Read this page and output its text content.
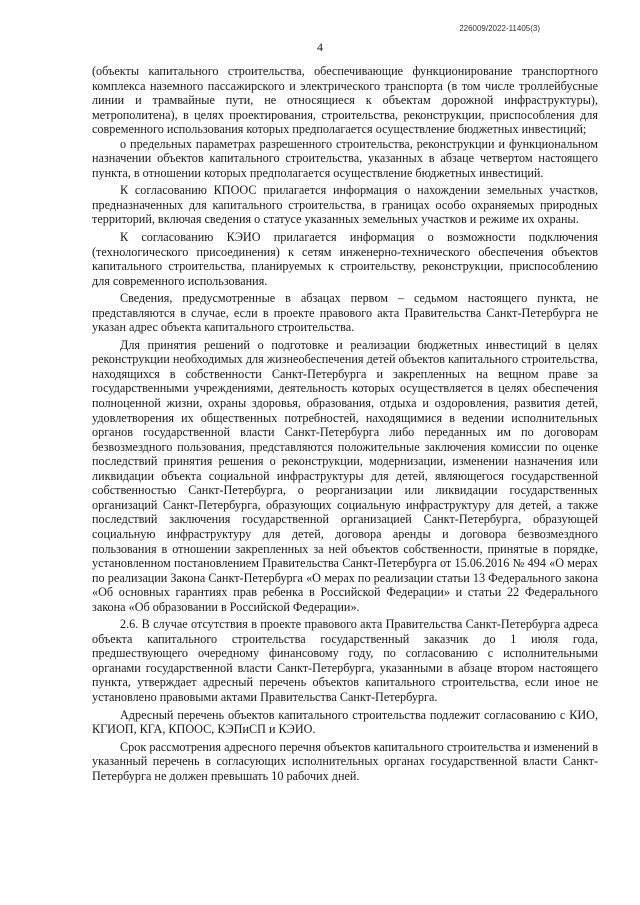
226009/2022-11405(3)
4

(объекты капитального строительства, обеспечивающие функционирование транспортного комплекса наземного пассажирского и электрического транспорта (в том числе троллейбусные линии и трамвайные пути, не относящиеся к объектам дорожной инфраструктуры), метрополитена), в целях проектирования, строительства, реконструкции, приспособления для современного использования которых предполагается осуществление бюджетных инвестиций;

о предельных параметрах разрешенного строительства, реконструкции и функциональном назначении объектов капитального строительства, указанных в абзаце четвертом настоящего пункта, в отношении которых предполагается осуществление бюджетных инвестиций.

К согласованию КПООС прилагается информация о нахождении земельных участков, предназначенных для капитального строительства, в границах особо охраняемых природных территорий, включая сведения о статусе указанных земельных участков и режиме их охраны.

К согласованию КЭИО прилагается информация о возможности подключения (технологического присоединения) к сетям инженерно-технического обеспечения объектов капитального строительства, планируемых к строительству, реконструкции, приспособлению для современного использования.

Сведения, предусмотренные в абзацах первом – седьмом настоящего пункта, не представляются в случае, если в проекте правового акта Правительства Санкт-Петербурга не указан адрес объекта капитального строительства.

Для принятия решений о подготовке и реализации бюджетных инвестиций в целях реконструкции необходимых для жизнеобеспечения детей объектов капитального строительства, находящихся в собственности Санкт-Петербурга и закрепленных на вещном праве за государственными учреждениями, деятельность которых осуществляется в целях обеспечения полноценной жизни, охраны здоровья, образования, отдыха и оздоровления, развития детей, удовлетворения их общественных потребностей, находящимися в ведении исполнительных органов государственной власти Санкт-Петербурга либо переданных им по договорам безвозмездного пользования, представляются положительные заключения комиссии по оценке последствий принятия решения о реконструкции, модернизации, изменении назначения или ликвидации объекта социальной инфраструктуры для детей, являющегося государственной собственностью Санкт-Петербурга, о реорганизации или ликвидации государственных организаций Санкт-Петербурга, образующих социальную инфраструктуру для детей, а также последствий заключения государственной организацией Санкт-Петербурга, образующей социальную инфраструктуру для детей, договора аренды и договора безвозмездного пользования в отношении закрепленных за ней объектов собственности, принятые в порядке, установленном постановлением Правительства Санкт-Петербурга от 15.06.2016 № 494 «О мерах по реализации Закона Санкт-Петербурга «О мерах по реализации статьи 13 Федерального закона «Об основных гарантиях прав ребенка в Российской Федерации» и статьи 22 Федерального закона «Об образовании в Российской Федерации».

2.6. В случае отсутствия в проекте правового акта Правительства Санкт-Петербурга адреса объекта капитального строительства государственный заказчик до 1 июля года, предшествующего очередному финансовому году, по согласованию с исполнительными органами государственной власти Санкт-Петербурга, указанными в абзаце втором настоящего пункта, утверждает адресный перечень объектов капитального строительства, если иное не установлено правовыми актами Правительства Санкт-Петербурга.

Адресный перечень объектов капитального строительства подлежит согласованию с КИО, КГИОП, КГА, КПООС, КЭПиСП и КЭИО.

Срок рассмотрения адресного перечня объектов капитального строительства и изменений в указанный перечень в согласующих исполнительных органах государственной власти Санкт-Петербурга не должен превышать 10 рабочих дней.
